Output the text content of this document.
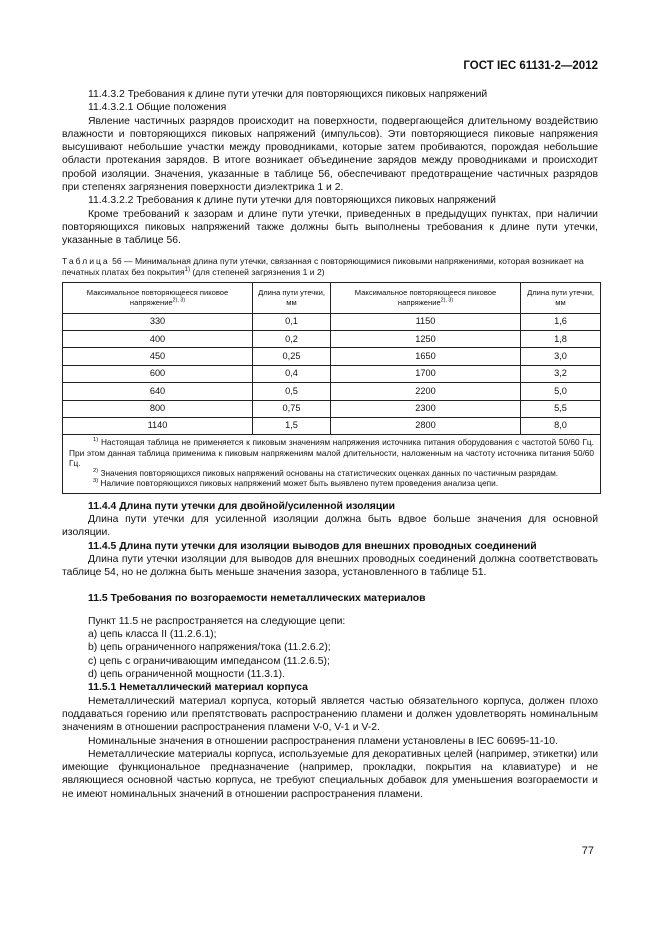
ГОСТ IEC 61131-2—2012

11.4.3.2 Требования к длине пути утечки для повторяющихся пиковых напряжений

11.4.3.2.1 Общие положения

Явление частичных разрядов происходит на поверхности, подвергающейся длительному воздействию влажности и повторяющихся пиковых напряжений (импульсов). Эти повторяющиеся пиковые напряжения высушивают небольшие участки между проводниками, которые затем пробиваются, порождая небольшие области протекания зарядов. В итоге возникает объединение зарядов между проводниками и происходит пробой изоляции. Значения, указанные в таблице 56, обеспечивают предотвращение частичных разрядов при степенях загрязнения поверхности диэлектрика 1 и 2.

11.4.3.2.2 Требования к длине пути утечки для повторяющихся пиковых напряжений

Кроме требований к зазорам и длине пути утечки, приведенных в предыдущих пунктах, при наличии повторяющихся пиковых напряжений также должны быть выполнены требования к длине пути утечки, указанные в таблице 56.

Таблица 56 — Минимальная длина пути утечки, связанная с повторяющимися пиковыми напряжениями, которая возникает на печатных платах без покрытия$^{1)}$ (для степеней загрязнения 1 и 2)

Максимальное повторяющееся пиковое напряжение$^{2), 3)}$	Длина пути утечки, мм	Максимальное повторяющееся пиковое напряжение$^{2), 3)}$	Длина пути утечки, мм
330	0,1	1150	1,6
400	0,2	1250	1,8
450	0,25	1650	3,0
600	0,4	1700	3,2
640	0,5	2200	5,0
800	0,75	2300	5,5
1140	1,5	2800	8,0

$^{1)}$ Настоящая таблица не применяется к пиковым значениям напряжения источника питания оборудования с частотой 50/60 Гц. При этом данная таблица применима к пиковым напряжениям малой длительности, наложенным на частоту источника питания 50/60 Гц.
$^{2)}$ Значения повторяющихся пиковых напряжений основаны на статистических оценках данных по частичным разрядам.
$^{3)}$ Наличие повторяющихся пиковых напряжений может быть выявлено путем проведения анализа цепи.			

11.4.4 Длина пути утечки для двойной/усиленной изоляции

Длина пути утечки для усиленной изоляции должна быть вдвое больше значения для основной изоляции.

11.4.5 Длина пути утечки для изоляции выводов для внешних проводных соединений

Длина пути утечки изоляции для выводов для внешних проводных соединений должна соответствовать таблице 54, но не должна быть меньше значения зазора, установленного в таблице 51.

11.5 Требования по возгораемости неметаллических материалов

Пункт 11.5 не распространяется на следующие цепи:

а) цепь класса II (11.2.6.1);

b) цепь ограниченного напряжения/тока (11.2.6.2);

c) цепь с ограничивающим импедансом (11.2.6.5);

d) цепь ограниченной мощности (11.3.1).

11.5.1 Неметаллический материал корпуса

Неметаллический материал корпуса, который является частью обязательного корпуса, должен плохо поддаваться горению или препятствовать распространению пламени и должен удовлетворять номинальным значениям в отношении распространения пламени V-0, V-1 и V-2.

Номинальные значения в отношении распространения пламени установлены в IEC 60695-11-10.

Неметаллические материалы корпуса, используемые для декоративных целей (например, этикетки) или имеющие функциональное предназначение (например, прокладки, покрытия на клавиатуре) и не являющиеся основной частью корпуса, не требуют специальных добавок для уменьшения возгораемости и не имеют номинальных значений в отношении распространения пламени.

77
